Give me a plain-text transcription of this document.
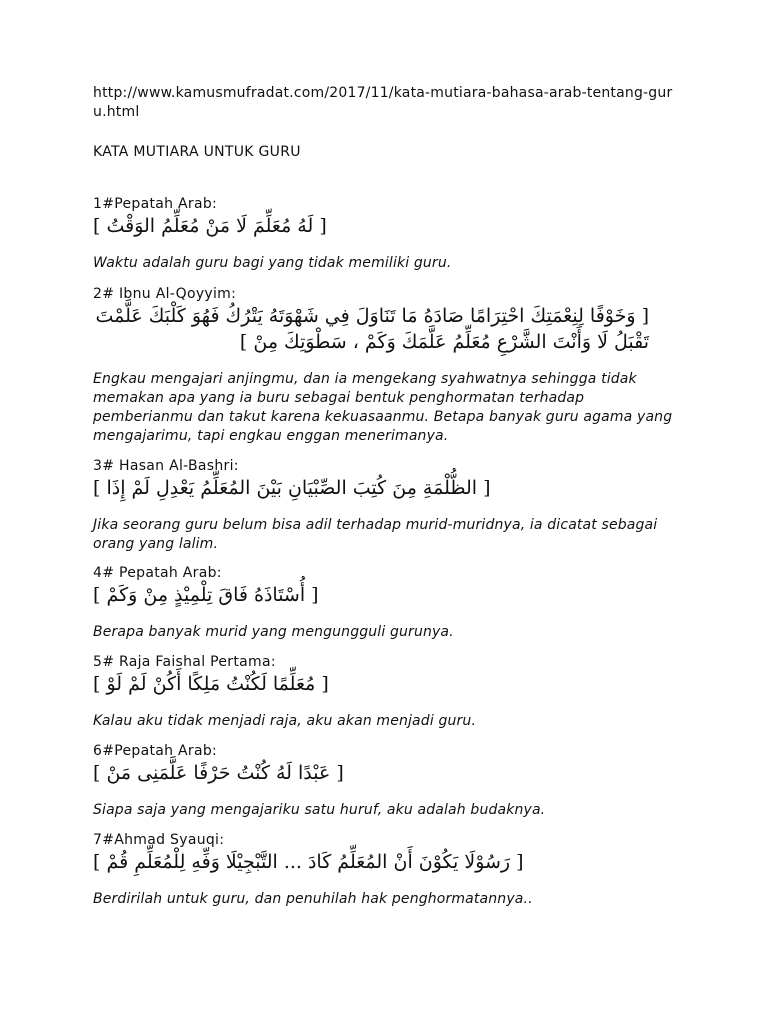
http://www.kamusmufradat.com/2017/11/kata-mutiara-bahasa-arab-tentang-guru.html

KATA MUTIARA UNTUK GURU

1#Pepatah Arab:
[ لَهُ مُعَلِّمَ لَا مَنْ مُعَلِّمُ الوَقْتُ ]
Waktu adalah guru bagi yang tidak memiliki guru.
2# Ibnu Al-Qoyyim:
[ وَخَوْفًا لِنِعْمَتِكَ احْتِرَامًا صَادَهُ مَا تَنَاوَلَ فِي شَهْوَتَهُ يَتْرُكُ فَهُوَ كَلْبَكَ عَلَّمْتَ تَقْبَلُ لَا وَأَنْتَ الشَّرْعِ مُعَلِّمُ عَلَّمَكَ وَكَمْ ، سَطْوَتِكَ مِنْ ]
Engkau mengajari anjingmu, dan ia mengekang syahwatnya sehingga tidak memakan apa yang ia buru sebagai bentuk penghormatan terhadap pemberianmu dan takut karena kekuasaanmu. Betapa banyak guru agama yang mengajarimu, tapi engkau enggan menerimanya.
3# Hasan Al-Bashri:
[ الظُّلْمَةِ مِنَ كُتِبَ الصِّبْيَانِ بَيْنَ المُعَلِّمُ يَعْدِلِ لَمْ إِذَا ]
Jika seorang guru belum bisa adil terhadap murid-muridnya, ia dicatat sebagai orang yang lalim.
4# Pepatah Arab:
[ أُسْتَاذَهُ فَاقَ تِلْمِيْذٍ مِنْ وَكَمْ ]
Berapa banyak murid yang mengungguli gurunya.
5# Raja Faishal Pertama:
[ مُعَلِّمًا لَكُنْتُ مَلِكًا أَكُنْ لَمْ لَوْ ]
Kalau aku tidak menjadi raja, aku akan menjadi guru.
6#Pepatah Arab:
[ عَبْدًا لَهُ كُنْتُ حَرْفًا عَلَّمَنِى مَنْ ]
Siapa saja yang mengajariku satu huruf, aku adalah budaknya.
7#Ahmad Syauqi:
[ رَسُوْلَا يَكُوْنَ أَنْ المُعَلِّمُ كَادَ ... التَّبْجِيْلَا وَفِّهِ لِلْمُعَلِّمِ قُمْ ]
Berdirilah untuk guru, dan penuhilah hak penghormatannya..
